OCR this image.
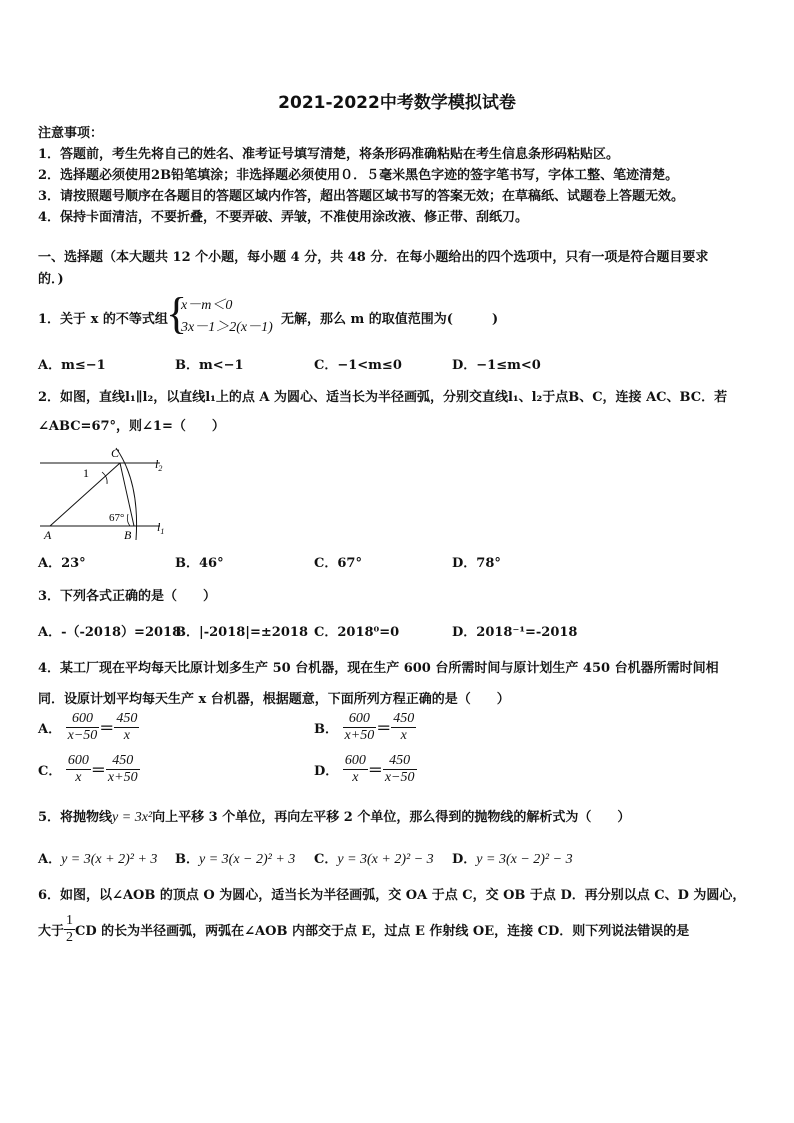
2021-2022中考数学模拟试卷
注意事项：
1．答题前，考生先将自己的姓名、准考证号填写清楚，将条形码准确粘贴在考生信息条形码粘贴区。
2．选择题必须使用2B铅笔填涂；非选择题必须使用０．５毫米黑色字迹的签字笔书写，字体工整、笔迹清楚。
3．请按照题号顺序在各题目的答题区域内作答，超出答题区域书写的答案无效；在草稿纸、试题卷上答题无效。
4．保持卡面清洁，不要折叠，不要弄破、弄皱，不准使用涂改液、修正带、刮纸刀。
一、选择题（本大题共 12 个小题，每小题 4 分，共 48 分．在每小题给出的四个选项中，只有一项是符合题目要求
的．)
1．关于 x 的不等式组
{
x－m＜0
3x－1＞2(x－1)
无解，那么 m 的取值范围为(　　　)
A．m≤−1	B．m<−1	C．−1<m≤0	D．−1≤m<0
2．如图，直线l₁∥l₂，以直线l₁上的点 A 为圆心、适当长为半径画弧，分别交直线l₁、l₂于点B、C，连接 AC、BC．若
∠ABC=67°，则∠1=（　　）
C
$l_2$
1
67°
A	B
$l_1$
A．23°	B．46°	C．67°	D．78°
3．下列各式正确的是（　　）
A．-（-2018）=2018
B．|-2018|=±2018 C．2018⁰=0	D．2018⁻¹=-2018
4．某工厂现在平均每天比原计划多生产 50 台机器，现在生产 600 台所需时间与原计划生产 450 台机器所需时间相
同．设原计划平均每天生产 x 台机器，根据题意，下面所列方程正确的是（　　）
A． $\frac{600}{x-50} = \frac{450}{x}$	B． $\frac{600}{x+50} = \frac{450}{x}$
C． $\frac{600}{x} = \frac{450}{x+50}$	D． $\frac{600}{x} = \frac{450}{x-50}$
5．将抛物线y = 3x²向上平移 3 个单位，再向左平移 2 个单位，那么得到的抛物线的解析式为（　　）
A．y = 3(x + 2)² + 3 B．y = 3(x − 2)² + 3 C．y = 3(x + 2)² − 3 D．y = 3(x − 2)² − 3
6．如图，以∠AOB 的顶点 O 为圆心，适当长为半径画弧，交 OA 于点 C，交 OB 于点 D．再分别以点 C、D 为圆心，
大于 $\frac{1}{2}$ CD 的长为半径画弧，两弧在∠AOB 内部交于点 E，过点 E 作射线 OE，连接 CD．则下列说法错误的是
